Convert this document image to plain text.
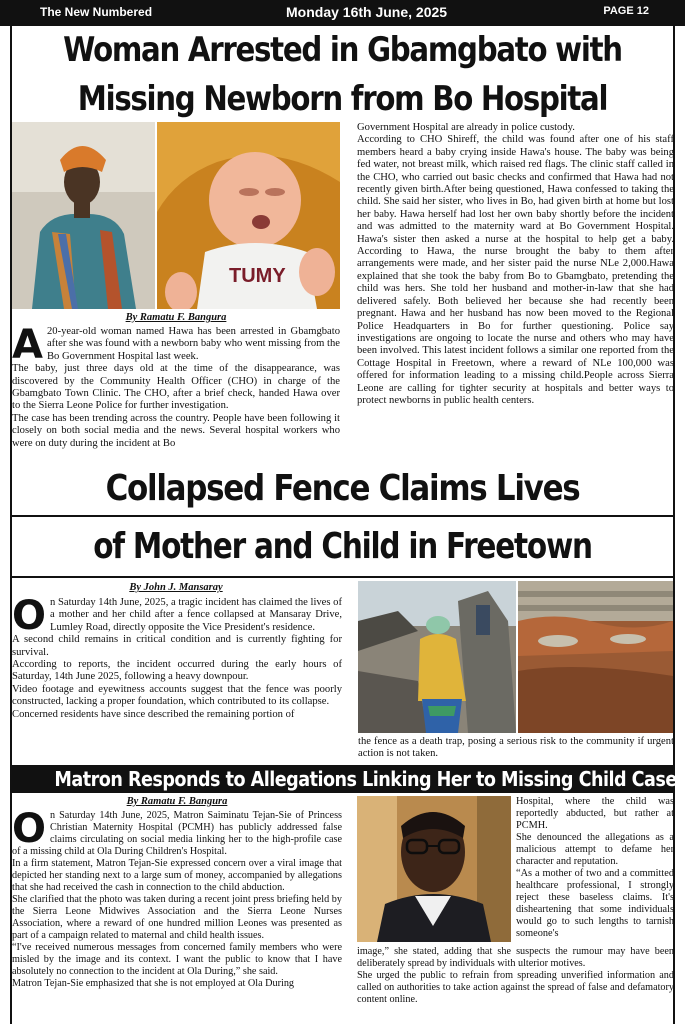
The New Numbered	Monday 16th June, 2025	PAGE 12
Woman Arrested in Gbamgbato with
Missing Newborn from Bo Hospital
TUMY
By Ramatu F. Bangura
A 20-year-old woman named Hawa has been arrested in Gbamgbato after she was found with a newborn baby who went missing from the Bo Government Hospital last week.

The baby, just three days old at the time of the disappearance, was discovered by the Community Health Officer (CHO) in charge of the Gbamgbato Town Clinic. The CHO, after a brief check, handed Hawa over to the Sierra Leone Police for further investigation.

The case has been trending across the country. People have been following it closely on both social media and the news. Several hospital workers who were on duty during the incident at Bo

Government Hospital are already in police custody.

According to CHO Shireff, the child was found after one of his staff members heard a baby crying inside Hawa's house. The baby was being fed water, not breast milk, which raised red flags. The clinic staff called in the CHO, who carried out basic checks and confirmed that Hawa had not recently given birth.After being questioned, Hawa confessed to taking the child. She said her sister, who lives in Bo, had given birth at home but lost her baby. Hawa herself had lost her own baby shortly before the incident and was admitted to the maternity ward at Bo Government Hospital. Hawa's sister then asked a nurse at the hospital to help get a baby. According to Hawa, the nurse brought the baby to them after arrangements were made, and her sister paid the nurse NLe 2,000.Hawa explained that she took the baby from Bo to Gbamgbato, pretending the child was hers. She told her husband and mother-in-law that she had delivered safely. Both believed her because she had recently been pregnant. Hawa and her husband has now been moved to the Regional Police Headquarters in Bo for further questioning. Police say investigations are ongoing to locate the nurse and others who may have been involved. This latest incident follows a similar one reported from the Cottage Hospital in Freetown, where a reward of NLe 100,000 was offered for information leading to a missing child.People across Sierra Leone are calling for tighter security at hospitals and better ways to protect newborns in public health centers.

Collapsed Fence Claims Lives
of Mother and Child in Freetown
By John J. Mansaray
O n Saturday 14th June, 2025, a tragic incident has claimed the lives of a mother and her child after a fence collapsed at Mansaray Drive, Lumley Road, directly opposite the Vice President's residence.

A second child remains in critical condition and is currently fighting for survival.

According to reports, the incident occurred during the early hours of Saturday, 14th June 2025, following a heavy downpour.

Video footage and eyewitness accounts suggest that the fence was poorly constructed, lacking a proper foundation, which contributed to its collapse.

Concerned residents have since described the remaining portion of

the fence as a death trap, posing a serious risk to the community if urgent action is not taken.

Matron Responds to Allegations Linking Her to Missing Child Case
By Ramatu F. Bangura
O n Saturday 14th June, 2025, Matron Saiminatu Tejan-Sie of Princess Christian Maternity Hospital (PCMH) has publicly addressed false claims circulating on social media linking her to the high-profile case of a missing child at Ola During Children's Hospital.

In a firm statement, Matron Tejan-Sie expressed concern over a viral image that depicted her standing next to a large sum of money, accompanied by allegations that she had received the cash in connection to the child abduction.

She clarified that the photo was taken during a recent joint press briefing held by the Sierra Leone Midwives Association and the Sierra Leone Nurses Association, where a reward of one hundred million Leones was presented as part of a campaign related to maternal and child health issues.

“I've received numerous messages from concerned family members who were misled by the image and its context. I want the public to know that I have absolutely no connection to the incident at Ola During,” she said.

Matron Tejan-Sie emphasized that she is not employed at Ola During

Hospital, where the child was reportedly abducted, but rather at PCMH.

She denounced the allegations as a malicious attempt to defame her character and reputation.

“As a mother of two and a committed healthcare professional, I strongly reject these baseless claims. It's disheartening that some individuals would go to such lengths to tarnish someone's

image,” she stated, adding that she suspects the rumour may have been deliberately spread by individuals with ulterior motives.

She urged the public to refrain from spreading unverified information and called on authorities to take action against the spread of false and defamatory content online.
